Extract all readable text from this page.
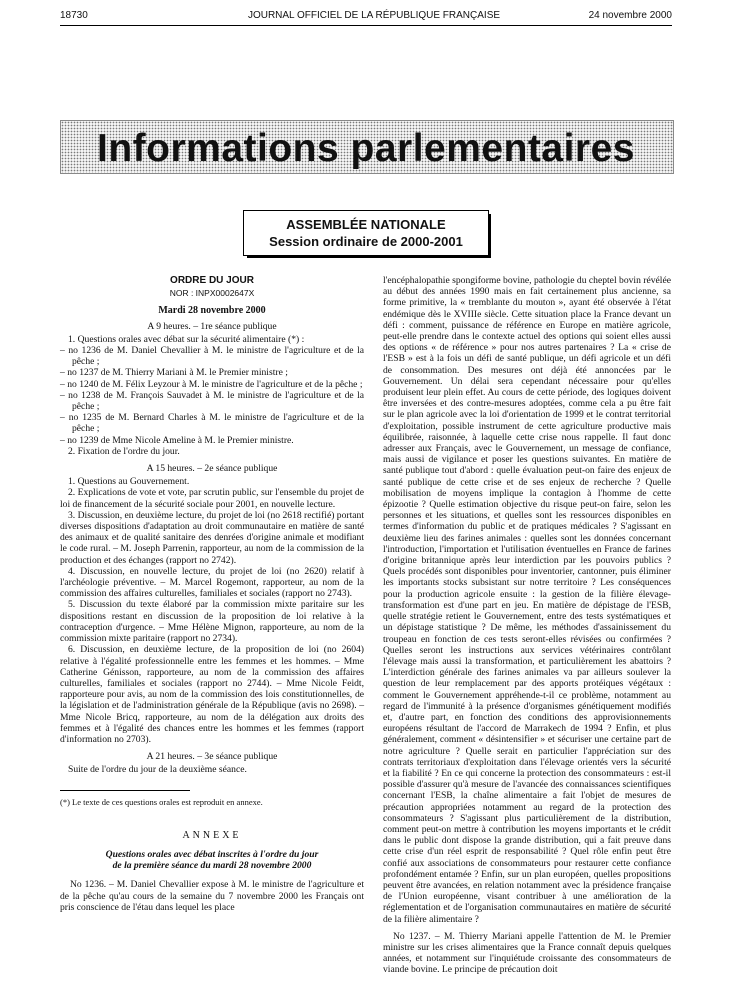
18730	JOURNAL OFFICIEL DE LA RÉPUBLIQUE FRANÇAISE	24 novembre 2000
Informations parlementaires
ASSEMBLÉE NATIONALE
Session ordinaire de 2000-2001
ORDRE DU JOUR
NOR : INPX0002647X
Mardi 28 novembre 2000
A 9 heures. – 1re séance publique
1. Questions orales avec débat sur la sécurité alimentaire (*) :
– no 1236 de M. Daniel Chevallier à M. le ministre de l'agriculture et de la pêche ;
– no 1237 de M. Thierry Mariani à M. le Premier ministre ;
– no 1240 de M. Félix Leyzour à M. le ministre de l'agriculture et de la pêche ;
– no 1238 de M. François Sauvadet à M. le ministre de l'agriculture et de la pêche ;
– no 1235 de M. Bernard Charles à M. le ministre de l'agriculture et de la pêche ;
– no 1239 de Mme Nicole Ameline à M. le Premier ministre.
2. Fixation de l'ordre du jour.
A 15 heures. – 2e séance publique
1. Questions au Gouvernement.
2. Explications de vote et vote, par scrutin public, sur l'ensemble du projet de loi de financement de la sécurité sociale pour 2001, en nouvelle lecture.
3. Discussion, en deuxième lecture, du projet de loi (no 2618 rectifié) portant diverses dispositions d'adaptation au droit communautaire en matière de santé des animaux et de qualité sanitaire des denrées d'origine animale et modifiant le code rural. – M. Joseph Parrenin, rapporteur, au nom de la commission de la production et des échanges (rapport no 2742).
4. Discussion, en nouvelle lecture, du projet de loi (no 2620) relatif à l'archéologie préventive. – M. Marcel Rogemont, rapporteur, au nom de la commission des affaires culturelles, familiales et sociales (rapport no 2743).
5. Discussion du texte élaboré par la commission mixte paritaire sur les dispositions restant en discussion de la proposition de loi relative à la contraception d'urgence. – Mme Hélène Mignon, rapporteure, au nom de la commission mixte paritaire (rapport no 2734).
6. Discussion, en deuxième lecture, de la proposition de loi (no 2604) relative à l'égalité professionnelle entre les femmes et les hommes. – Mme Catherine Génisson, rapporteure, au nom de la commission des affaires culturelles, familiales et sociales (rapport no 2744). – Mme Nicole Feidt, rapporteure pour avis, au nom de la commission des lois constitutionnelles, de la législation et de l'administration générale de la République (avis no 2698). – Mme Nicole Bricq, rapporteure, au nom de la délégation aux droits des femmes et à l'égalité des chances entre les hommes et les femmes (rapport d'information no 2703).
A 21 heures. – 3e séance publique
Suite de l'ordre du jour de la deuxième séance.
(*) Le texte de ces questions orales est reproduit en annexe.
ANNEXE
Questions orales avec débat inscrites à l'ordre du jour
de la première séance du mardi 28 novembre 2000
No 1236. – M. Daniel Chevallier expose à M. le ministre de l'agriculture et de la pêche qu'au cours de la semaine du 7 novembre 2000 les Français ont pris conscience de l'étau dans lequel les place
l'encéphalopathie spongiforme bovine, pathologie du cheptel bovin révélée au début des années 1990 mais en fait certainement plus ancienne, sa forme primitive, la « tremblante du mouton », ayant été observée à l'état endémique dès le XVIIIe siècle. Cette situation place la France devant un défi : comment, puissance de référence en Europe en matière agricole, peut-elle prendre dans le contexte actuel des options qui soient elles aussi des options « de référence » pour nos autres partenaires ? La « crise de l'ESB » est à la fois un défi de santé publique, un défi agricole et un défi de consommation. Des mesures ont déjà été annoncées par le Gouvernement. Un délai sera cependant nécessaire pour qu'elles produisent leur plein effet. Au cours de cette période, des logiques doivent être inversées et des contre-mesures adoptées, comme cela a pu être fait sur le plan agricole avec la loi d'orientation de 1999 et le contrat territorial d'exploitation, possible instrument de cette agriculture productive mais équilibrée, raisonnée, à laquelle cette crise nous rappelle. Il faut donc adresser aux Français, avec le Gouvernement, un message de confiance, mais aussi de vigilance et poser les questions suivantes. En matière de santé publique tout d'abord : quelle évaluation peut-on faire des enjeux de santé publique de cette crise et de ses enjeux de recherche ? Quelle mobilisation de moyens implique la contagion à l'homme de cette épizootie ? Quelle estimation objective du risque peut-on faire, selon les personnes et les situations, et quelles sont les ressources disponibles en termes d'information du public et de pratiques médicales ? S'agissant en deuxième lieu des farines animales : quelles sont les données concernant l'introduction, l'importation et l'utilisation éventuelles en France de farines d'origine britannique après leur interdiction par les pouvoirs publics ? Quels procédés sont disponibles pour inventorier, cantonner, puis éliminer les importants stocks subsistant sur notre territoire ? Les conséquences pour la production agricole ensuite : la gestion de la filière élevage-transformation est d'une part en jeu. En matière de dépistage de l'ESB, quelle stratégie retient le Gouvernement, entre des tests systématiques et un dépistage statistique ? De même, les méthodes d'assainissement du troupeau en fonction de ces tests seront-elles révisées ou confirmées ? Quelles seront les instructions aux services vétérinaires contrôlant l'élevage mais aussi la transformation, et particulièrement les abattoirs ? L'interdiction générale des farines animales va par ailleurs soulever la question de leur remplacement par des apports protéiques végétaux : comment le Gouvernement appréhende-t-il ce problème, notamment au regard de l'immunité à la présence d'organismes génétiquement modifiés et, d'autre part, en fonction des conditions des approvisionnements européens résultant de l'accord de Marrakech de 1994 ? Enfin, et plus généralement, comment « désintensifier » et sécuriser une certaine part de notre agriculture ? Quelle serait en particulier l'appréciation sur des contrats territoriaux d'exploitation dans l'élevage orientés vers la sécurité et la fiabilité ? En ce qui concerne la protection des consommateurs : est-il possible d'assurer qu'à mesure de l'avancée des connaissances scientifiques concernant l'ESB, la chaîne alimentaire a fait l'objet de mesures de précaution appropriées notamment au regard de la protection des consommateurs ? S'agissant plus particulièrement de la distribution, comment peut-on mettre à contribution les moyens importants et le crédit dans le public dont dispose la grande distribution, qui a fait preuve dans cette crise d'un réel esprit de responsabilité ? Quel rôle enfin peut être confié aux associations de consommateurs pour restaurer cette confiance profondément entamée ? Enfin, sur un plan européen, quelles propositions peuvent être avancées, en relation notamment avec la présidence française de l'Union européenne, visant contribuer à une amélioration de la réglementation et de l'organisation communautaires en matière de sécurité de la filière alimentaire ?
No 1237. – M. Thierry Mariani appelle l'attention de M. le Premier ministre sur les crises alimentaires que la France connaît depuis quelques années, et notamment sur l'inquiétude croissante des consommateurs de viande bovine. Le principe de précaution doit
